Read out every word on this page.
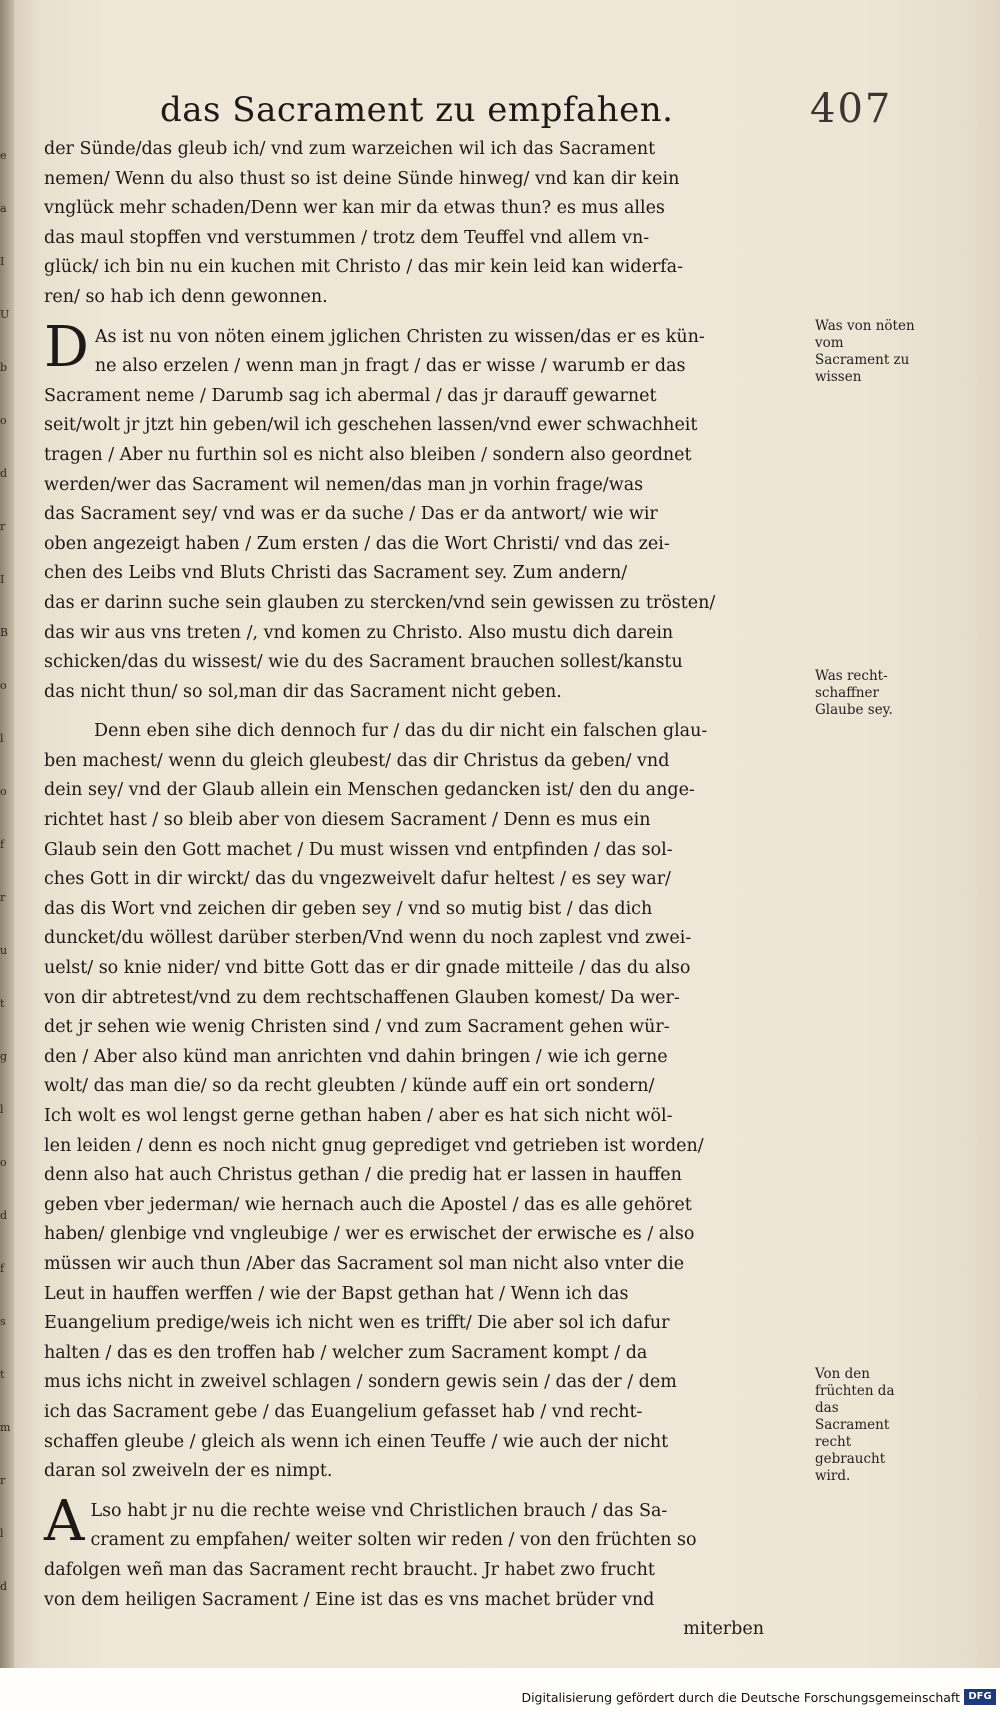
e
a
I
U
b
o
d
r
I
B
o
l
o
f
r
u
t
g
l
o
d
f
s
t
m
r
l
d
das Sacrament zu empfahen.	407
der Sünde/das gleub ich/ vnd zum warzeichen wil ich das Sacrament
nemen/ Wenn du also thust so ist deine Sünde hinweg/ vnd kan dir kein
vnglück mehr schaden/Denn wer kan mir da etwas thun? es mus alles
das maul stopffen vnd verstummen / trotz dem Teuffel vnd allem vn-
glück/ ich bin nu ein kuchen mit Christo / das mir kein leid kan widerfa-
ren/ so hab ich denn gewonnen.
D As ist nu von nöten einem jglichen Christen zu wissen/das er es kün-
ne also erzelen / wenn man jn fragt / das er wisse / warumb er das
Sacrament neme / Darumb sag ich abermal / das jr darauff gewarnet
seit/wolt jr jtzt hin geben/wil ich geschehen lassen/vnd ewer schwachheit
tragen / Aber nu furthin sol es nicht also bleiben / sondern also geordnet
werden/wer das Sacrament wil nemen/das man jn vorhin frage/was
das Sacrament sey/ vnd was er da suche / Das er da antwort/ wie wir
oben angezeigt haben / Zum ersten / das die Wort Christi/ vnd das zei-
chen des Leibs vnd Bluts Christi das Sacrament sey. Zum andern/
das er darinn suche sein glauben zu stercken/vnd sein gewissen zu trösten/
das wir aus vns treten /, vnd komen zu Christo. Also mustu dich darein
schicken/das du wissest/ wie du des Sacrament brauchen sollest/kanstu
das nicht thun/ so sol,man dir das Sacrament nicht geben.
Denn eben sihe dich dennoch fur / das du dir nicht ein falschen glau-
ben machest/ wenn du gleich gleubest/ das dir Christus da geben/ vnd
dein sey/ vnd der Glaub allein ein Menschen gedancken ist/ den du ange-
richtet hast / so bleib aber von diesem Sacrament / Denn es mus ein
Glaub sein den Gott machet / Du must wissen vnd entpfinden / das sol-
ches Gott in dir wirckt/ das du vngezweivelt dafur heltest / es sey war/
das dis Wort vnd zeichen dir geben sey / vnd so mutig bist / das dich
duncket/du wöllest darüber sterben/Vnd wenn du noch zaplest vnd zwei-
uelst/ so knie nider/ vnd bitte Gott das er dir gnade mitteile / das du also
von dir abtretest/vnd zu dem rechtschaffenen Glauben komest/ Da wer-
det jr sehen wie wenig Christen sind / vnd zum Sacrament gehen wür-
den / Aber also künd man anrichten vnd dahin bringen / wie ich gerne
wolt/ das man die/ so da recht gleubten / künde auff ein ort sondern/
Ich wolt es wol lengst gerne gethan haben / aber es hat sich nicht wöl-
len leiden / denn es noch nicht gnug geprediget vnd getrieben ist worden/
denn also hat auch Christus gethan / die predig hat er lassen in hauffen
geben vber jederman/ wie hernach auch die Apostel / das es alle gehöret
haben/ glenbige vnd vngleubige / wer es erwischet der erwische es / also
müssen wir auch thun /Aber das Sacrament sol man nicht also vnter die
Leut in hauffen werffen / wie der Bapst gethan hat / Wenn ich das
Euangelium predige/weis ich nicht wen es trifft/ Die aber sol ich dafur
halten / das es den troffen hab / welcher zum Sacrament kompt / da
mus ichs nicht in zweivel schlagen / sondern gewis sein / das der / dem
ich das Sacrament gebe / das Euangelium gefasset hab / vnd recht-
schaffen gleube / gleich als wenn ich einen Teuffe / wie auch der nicht
daran sol zweiveln der es nimpt.
A Lso habt jr nu die rechte weise vnd Christlichen brauch / das Sa-
crament zu empfahen/ weiter solten wir reden / von den früchten so
dafolgen weñ man das Sacrament recht braucht. Jr habet zwo frucht
von dem heiligen Sacrament / Eine ist das es vns machet brüder vnd
miterben
Was von nöten vom Sacrament zu wissen
Was recht-schaffner Glaube sey.
Von den früchten da das Sacrament recht gebraucht wird.
Digitalisierung gefördert durch die Deutsche Forschungsgemeinschaft DFG
